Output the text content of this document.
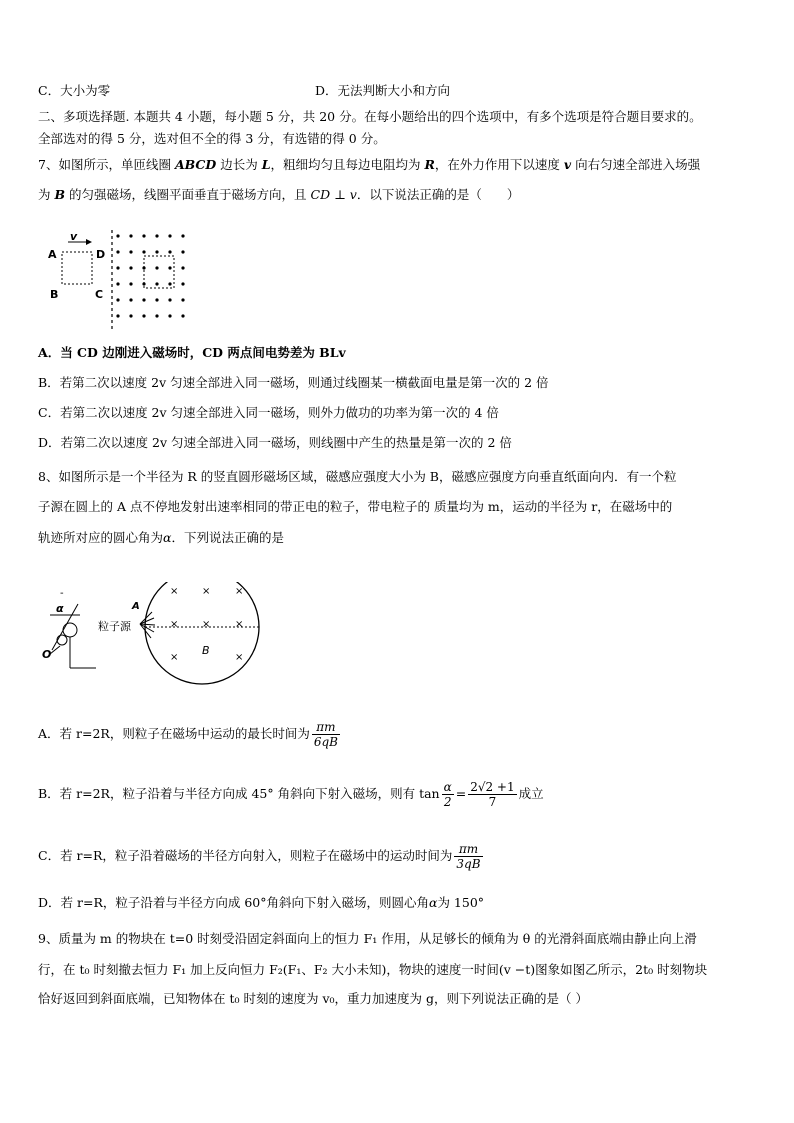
C．大小为零	D．无法判断大小和方向
二、多项选择题. 本题共 4 小题，每小题 5 分，共 20 分。在每小题给出的四个选项中，有多个选项是符合题目要求的。
全部选对的得 5 分，选对但不全的得 3 分，有选错的得 0 分。
7、如图所示，单匝线圈 ABCD 边长为 L，粗细均匀且每边电阻均为 R，在外力作用下以速度 v 向右匀速全部进入场强
为 B 的匀强磁场，线圈平面垂直于磁场方向，且 CD ⊥ v．以下说法正确的是（　　）
v
A	D
B	C
A．当 CD 边刚进入磁场时，CD 两点间电势差为 BLv
B．若第二次以速度 2v 匀速全部进入同一磁场，则通过线圈某一横截面电量是第一次的 2 倍
C．若第二次以速度 2v 匀速全部进入同一磁场，则外力做功的功率为第一次的 4 倍
D．若第二次以速度 2v 匀速全部进入同一磁场，则线圈中产生的热量是第一次的 2 倍
8、如图所示是一个半径为 R 的竖直圆形磁场区域，磁感应强度大小为 B，磁感应强度方向垂直纸面向内．有一个粒
子源在圆上的 A 点不停地发射出速率相同的带正电的粒子，带电粒子的 质量均为 m，运动的半径为 r，在磁场中的
轨迹所对应的圆心角为α．下列说法正确的是
× × ×
× × ×
×	×
B
A
粒子源
-
α
O
A．若 r=2R，则粒子在磁场中运动的最长时间为 $\frac{\pi m}{6qB}$
B．若 r=2R，粒子沿着与半径方向成 45° 角斜向下射入磁场，则有 $\tan \frac{\alpha}{2} = \frac{2√2 +1}{7}$ 成立
C．若 r=R，粒子沿着磁场的半径方向射入，则粒子在磁场中的运动时间为 $\frac{\pi m}{3qB}$
D．若 r=R，粒子沿着与半径方向成 60°角斜向下射入磁场，则圆心角α为 150°
9、质量为 m 的物块在 t=0 时刻受沿固定斜面向上的恒力 F₁ 作用，从足够长的倾角为 θ 的光滑斜面底端由静止向上滑
行，在 t₀ 时刻撤去恒力 F₁ 加上反向恒力 F₂(F₁、F₂ 大小未知)，物块的速度一时间(v −t)图象如图乙所示，2t₀ 时刻物块
恰好返回到斜面底端，已知物体在 t₀ 时刻的速度为 v₀，重力加速度为 g，则下列说法正确的是（ ）
